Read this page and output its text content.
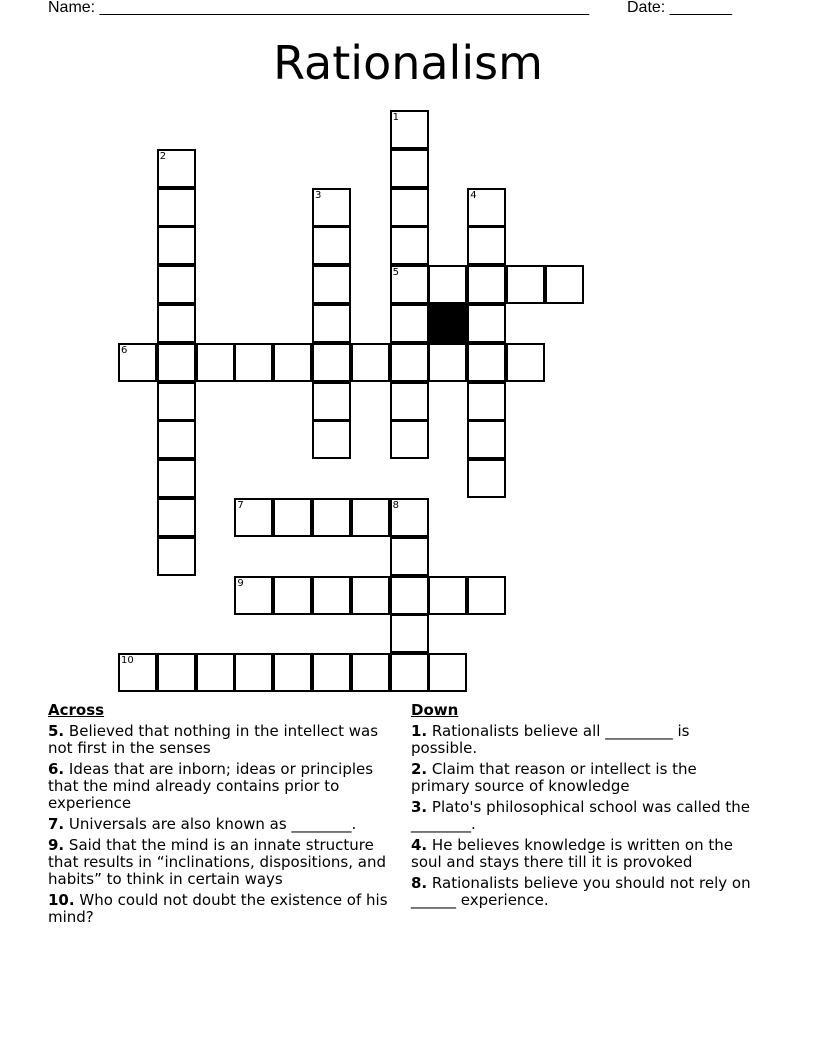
Name: _______________________________________________________ Date: _______
Rationalism
1
5
2
3	4
6
7	8
9
10
Across
5. Believed that nothing in the intellect was not first in the senses
6. Ideas that are inborn; ideas or principles that the mind already contains prior to experience
7. Universals are also known as ________.
9. Said that the mind is an innate structure that results in “inclinations, dispositions, and habits” to think in certain ways
10. Who could not doubt the existence of his mind?
Down
1. Rationalists believe all _________ is possible.
2. Claim that reason or intellect is the primary source of knowledge
3. Plato's philosophical school was called the ________.
4. He believes knowledge is written on the soul and stays there till it is provoked
8. Rationalists believe you should not rely on ______ experience.
